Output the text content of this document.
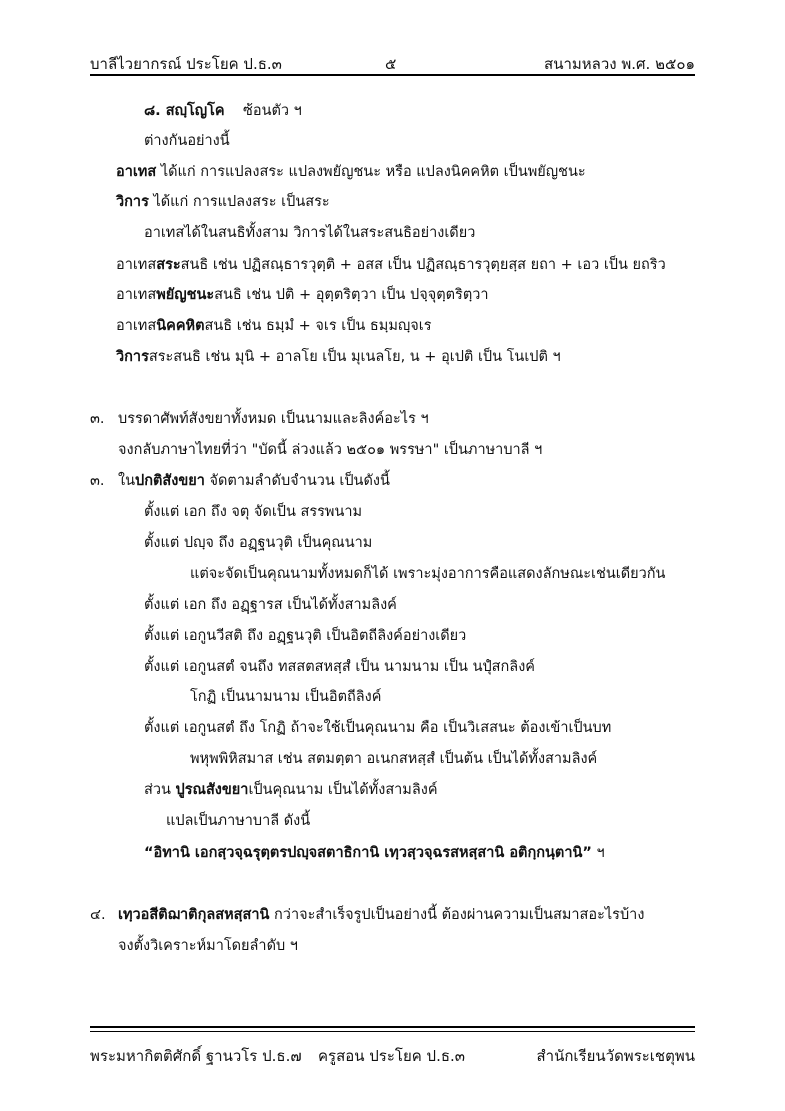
บาลีไวยากรณ์ ประโยค ป.ธ.๓	๕	สนามหลวง พ.ศ. ๒๕๐๑
๘. สญฺโญโค ซ้อนตัว ฯ
ต่างกันอย่างนี้
อาเทส ได้แก่ การแปลงสระ แปลงพยัญชนะ หรือ แปลงนิคคหิต เป็นพยัญชนะ
วิการ ได้แก่ การแปลงสระ เป็นสระ
อาเทสได้ในสนธิทั้งสาม วิการได้ในสระสนธิอย่างเดียว
อาเทสสระสนธิ เช่น ปฏิสณฺธารวุตฺติ + อสส เป็น ปฏิสณฺธารวุตฺยสฺส ยถา + เอว เป็น ยถริว
อาเทสพยัญชนะสนธิ เช่น ปติ + อุตฺตริตฺวา เป็น ปจฺจุตฺตริตฺวา
อาเทสนิคคหิตสนธิ เช่น ธมฺมํ + จเร เป็น ธมฺมญฺจเร
วิการสระสนธิ เช่น มุนิ + อาลโย เป็น มุเนลโย, น + อุเปติ เป็น โนเปติ ฯ
๓. บรรดาศัพท์สังขยาทั้งหมด เป็นนามและลิงค์อะไร ฯ
จงกลับภาษาไทยที่ว่า "บัดนี้ ล่วงแล้ว ๒๕๐๑ พรรษา" เป็นภาษาบาลี ฯ
๓. ในปกติสังขยา จัดตามลำดับจำนวน เป็นดังนี้
ตั้งแต่ เอก ถึง จตุ จัดเป็น สรรพนาม
ตั้งแต่ ปญฺจ ถึง อฏฺฐนวุติ เป็นคุณนาม
แต่จะจัดเป็นคุณนามทั้งหมดก็ได้ เพราะมุ่งอาการคือแสดงลักษณะเช่นเดียวกัน
ตั้งแต่ เอก ถึง อฏฺฐารส เป็นได้ทั้งสามลิงค์
ตั้งแต่ เอกูนวีสติ ถึง อฏฺฐนวุติ เป็นอิตถีลิงค์อย่างเดียว
ตั้งแต่ เอกูนสตํ จนถึง ทสสตสหสฺสํ เป็น นามนาม เป็น นปุํสกลิงค์
โกฏิ เป็นนามนาม เป็นอิตถีลิงค์
ตั้งแต่ เอกูนสตํ ถึง โกฏิ ถ้าจะใช้เป็นคุณนาม คือ เป็นวิเสสนะ ต้องเข้าเป็นบท
พหุพพิหิสมาส เช่น สตมตฺตา อเนกสหสฺสํ เป็นต้น เป็นได้ทั้งสามลิงค์
ส่วน ปูรณสังขยาเป็นคุณนาม เป็นได้ทั้งสามลิงค์
แปลเป็นภาษาบาลี ดังนี้
“อิทานิ เอกสฺวจฺฉรุตฺตรปญฺจสตาธิกานิ เทฺวสฺวจฺฉรสหสฺสานิ อติกฺกนฺตานิ” ฯ
๔. เทฺวอสีติฌาติกุลสหสฺสานิ กว่าจะสำเร็จรูปเป็นอย่างนี้ ต้องผ่านความเป็นสมาสอะไรบ้าง
จงตั้งวิเคราะห์มาโดยลำดับ ฯ
พระมหากิตติศักดิ์ ฐานวโร ป.ธ.๗ ครูสอน ประโยค ป.ธ.๓	สำนักเรียนวัดพระเชตุพน
